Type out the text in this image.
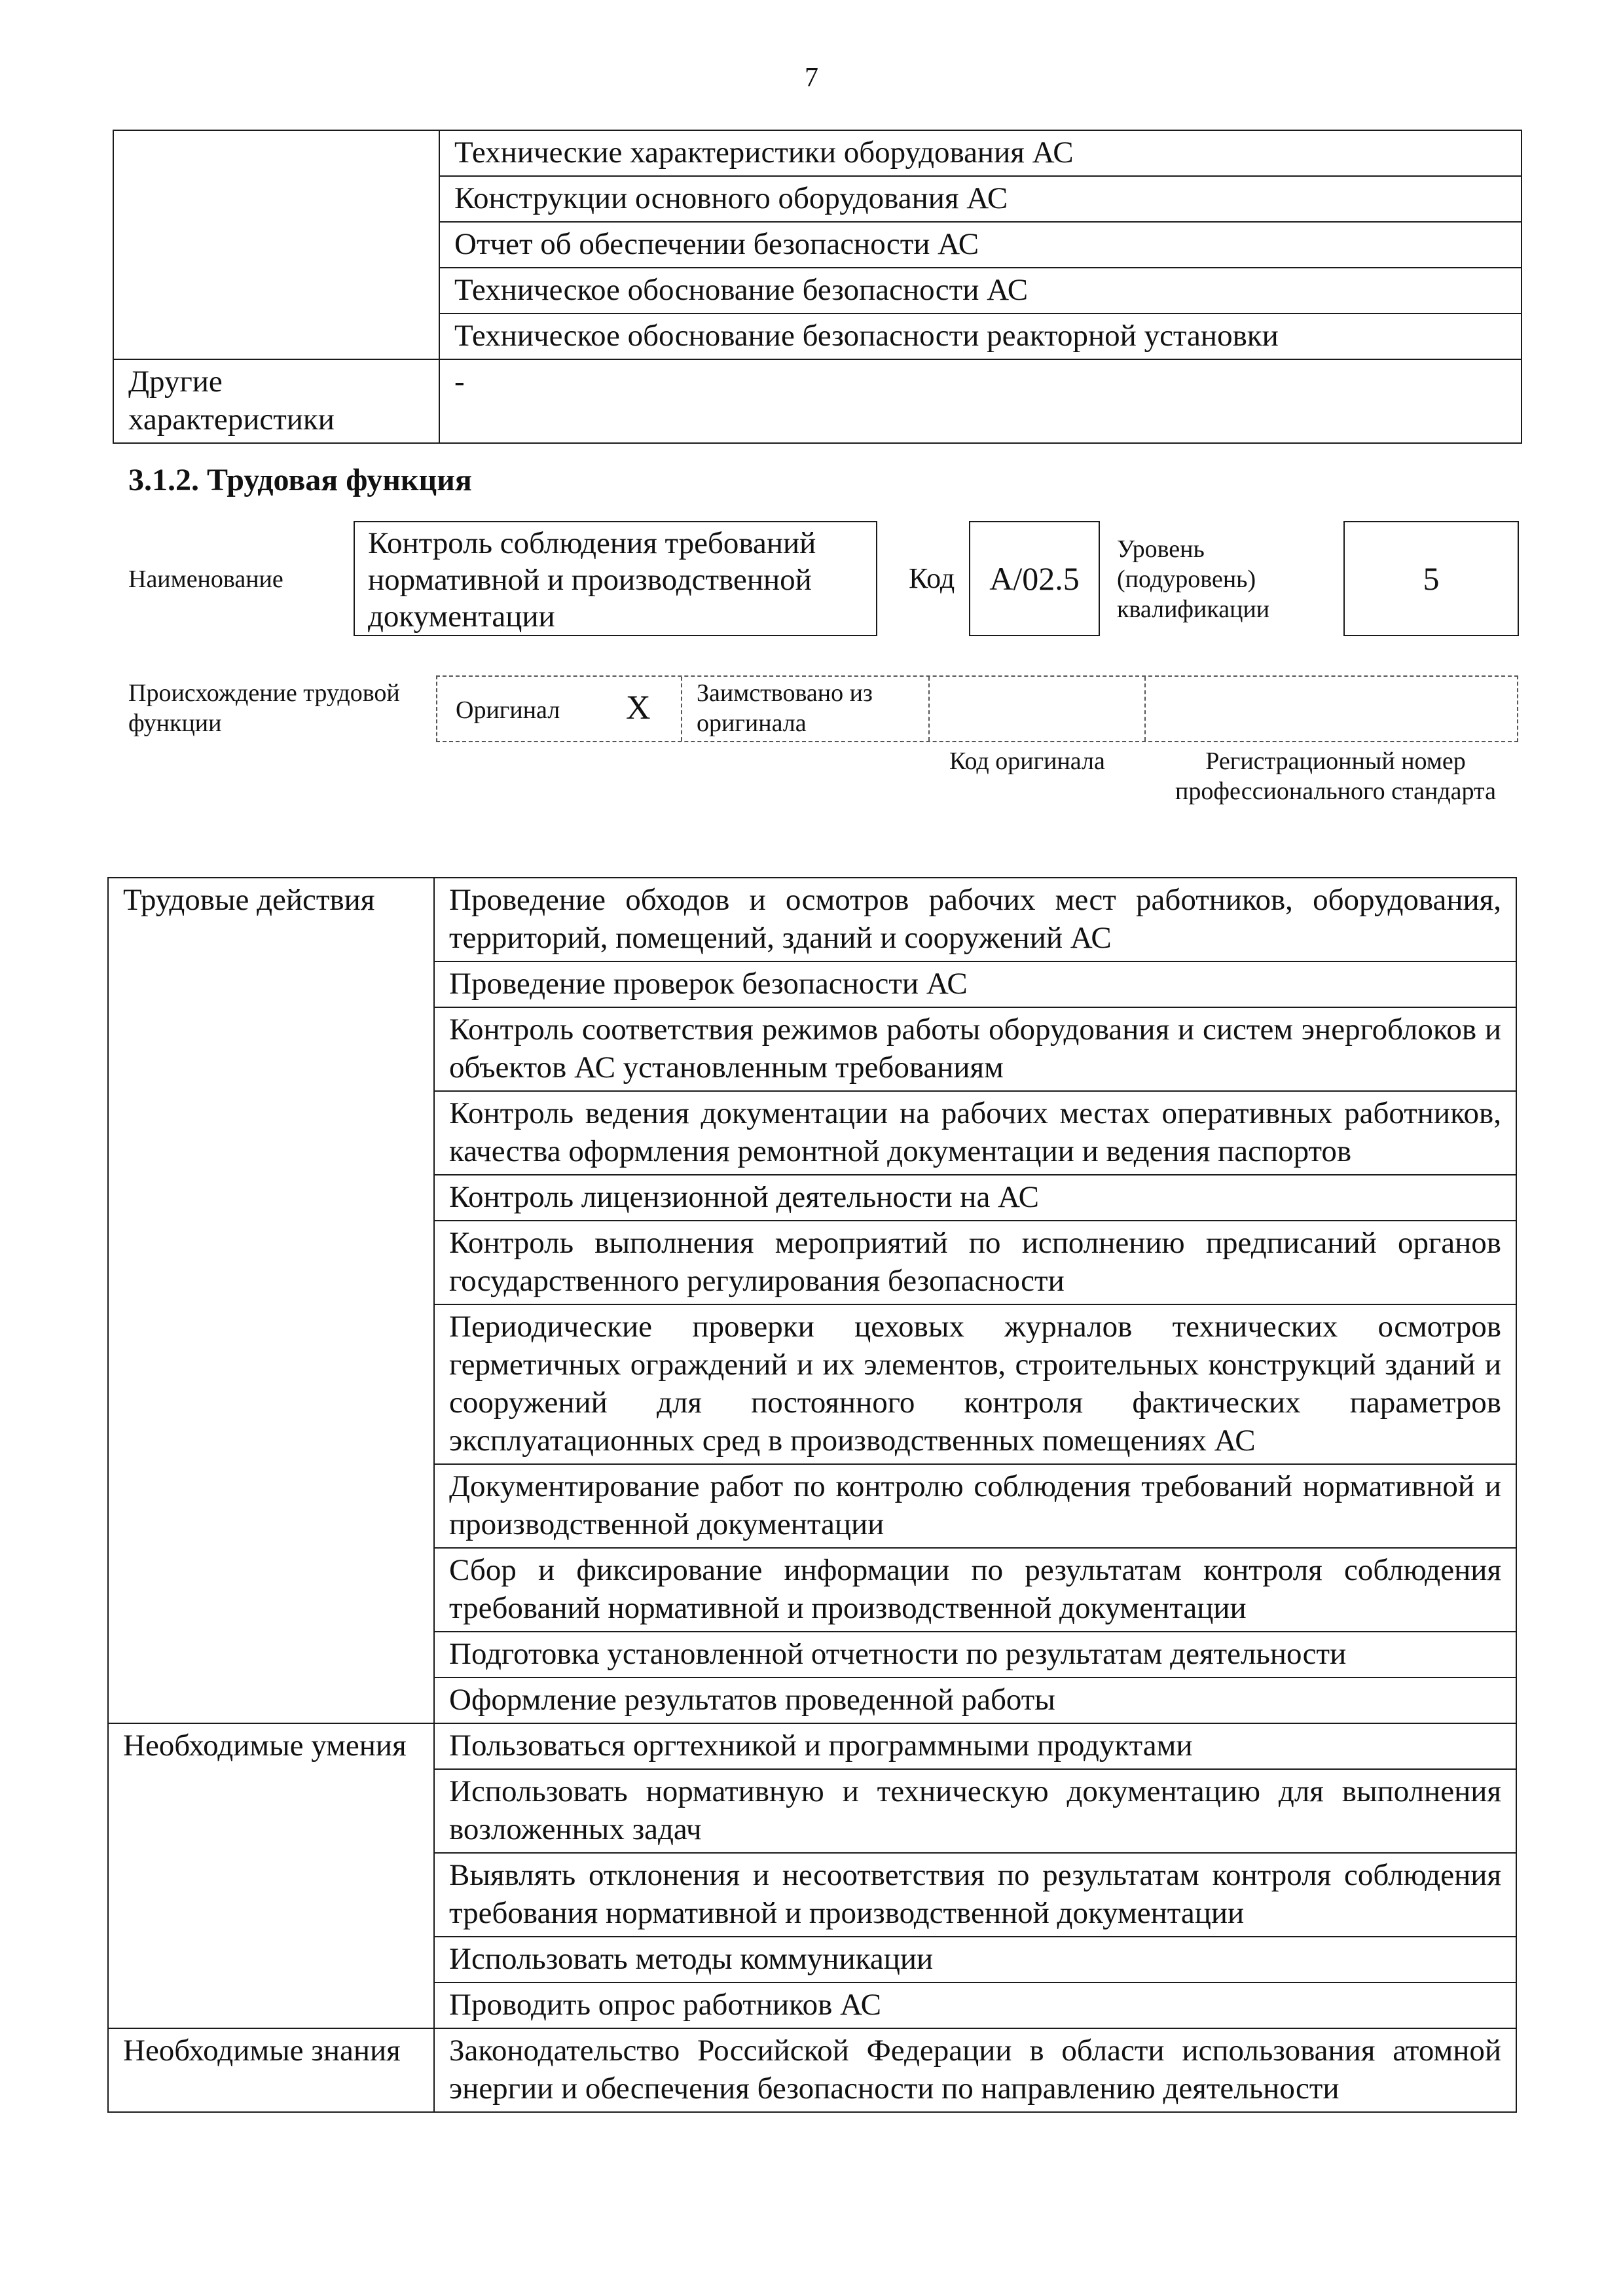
7
	Технические характеристики оборудования АС
	Конструкции основного оборудования АС
	Отчет об обеспечении безопасности АС
	Техническое обоснование безопасности АС
	Техническое обоснование безопасности реакторной установки
Другие характеристики	-
3.1.2. Трудовая функция
Наименование
Контроль соблюдения требований нормативной и производственной документации
Код	A/02.5
Уровень (подуровень) квалификации
5
Происхождение трудовой функции	Оригинал X Заимствовано из оригинала
Код оригинала	Регистрационный номер профессионального стандарта
Трудовые действия	Проведение обходов и осмотров рабочих мест работников, оборудования, территорий, помещений, зданий и сооружений АС
	Проведение проверок безопасности АС
	Контроль соответствия режимов работы оборудования и систем энергоблоков и объектов АС установленным требованиям
	Контроль ведения документации на рабочих местах оперативных работников, качества оформления ремонтной документации и ведения паспортов
	Контроль лицензионной деятельности на АС
	Контроль выполнения мероприятий по исполнению предписаний органов государственного регулирования безопасности
	Периодические проверки цеховых журналов технических осмотров герметичных ограждений и их элементов, строительных конструкций зданий и сооружений для постоянного контроля фактических параметров эксплуатационных сред в производственных помещениях АС
	Документирование работ по контролю соблюдения требований нормативной и производственной документации
	Сбор и фиксирование информации по результатам контроля соблюдения требований нормативной и производственной документации
	Подготовка установленной отчетности по результатам деятельности
	Оформление результатов проведенной работы
Необходимые умения	Пользоваться оргтехникой и программными продуктами
	Использовать нормативную и техническую документацию для выполнения возложенных задач
	Выявлять отклонения и несоответствия по результатам контроля соблюдения требования нормативной и производственной документации
	Использовать методы коммуникации
	Проводить опрос работников АС
Необходимые знания	Законодательство Российской Федерации в области использования атомной энергии и обеспечения безопасности по направлению деятельности
